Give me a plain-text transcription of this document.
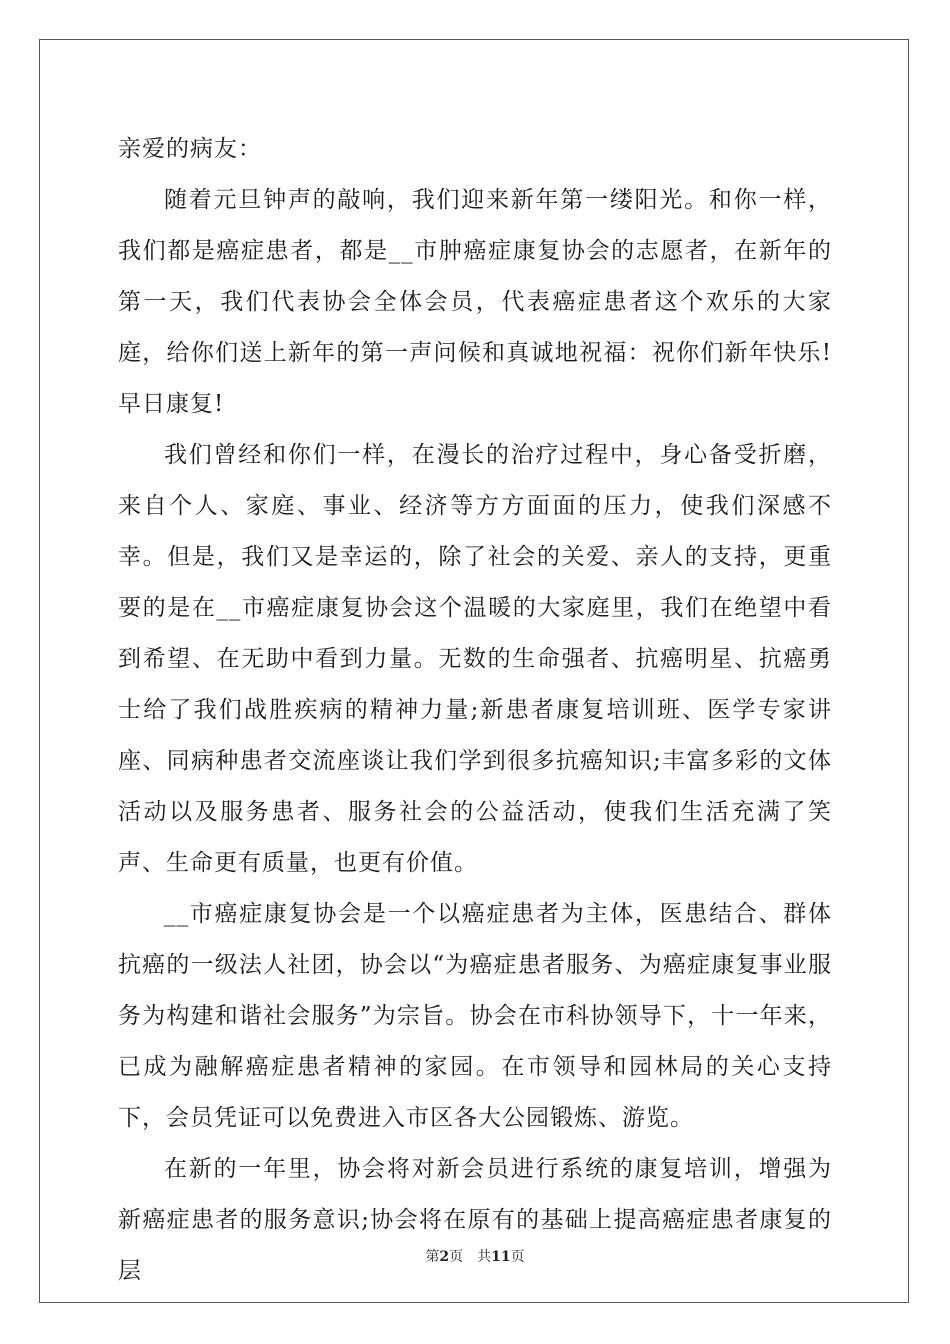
亲爱的病友：

随着元旦钟声的敲响，我们迎来新年第一缕阳光。和你一样，我们都是癌症患者，都是__市肿癌症康复协会的志愿者，在新年的第一天，我们代表协会全体会员，代表癌症患者这个欢乐的大家庭，给你们送上新年的第一声问候和真诚地祝福：祝你们新年快乐!早日康复!

我们曾经和你们一样，在漫长的治疗过程中，身心备受折磨，来自个人、家庭、事业、经济等方方面面的压力，使我们深感不幸。但是，我们又是幸运的，除了社会的关爱、亲人的支持，更重要的是在__市癌症康复协会这个温暖的大家庭里，我们在绝望中看到希望、在无助中看到力量。无数的生命强者、抗癌明星、抗癌勇士给了我们战胜疾病的精神力量;新患者康复培训班、医学专家讲座、同病种患者交流座谈让我们学到很多抗癌知识;丰富多彩的文体活动以及服务患者、服务社会的公益活动，使我们生活充满了笑声、生命更有质量，也更有价值。

__市癌症康复协会是一个以癌症患者为主体，医患结合、群体抗癌的一级法人社团，协会以“为癌症患者服务、为癌症康复事业服务为构建和谐社会服务”为宗旨。协会在市科协领导下，十一年来，已成为融解癌症患者精神的家园。在市领导和园林局的关心支持下，会员凭证可以免费进入市区各大公园锻炼、游览。

在新的一年里，协会将对新会员进行系统的康复培训，增强为新癌症患者的服务意识;协会将在原有的基础上提高癌症患者康复的层

第2页 共11页
